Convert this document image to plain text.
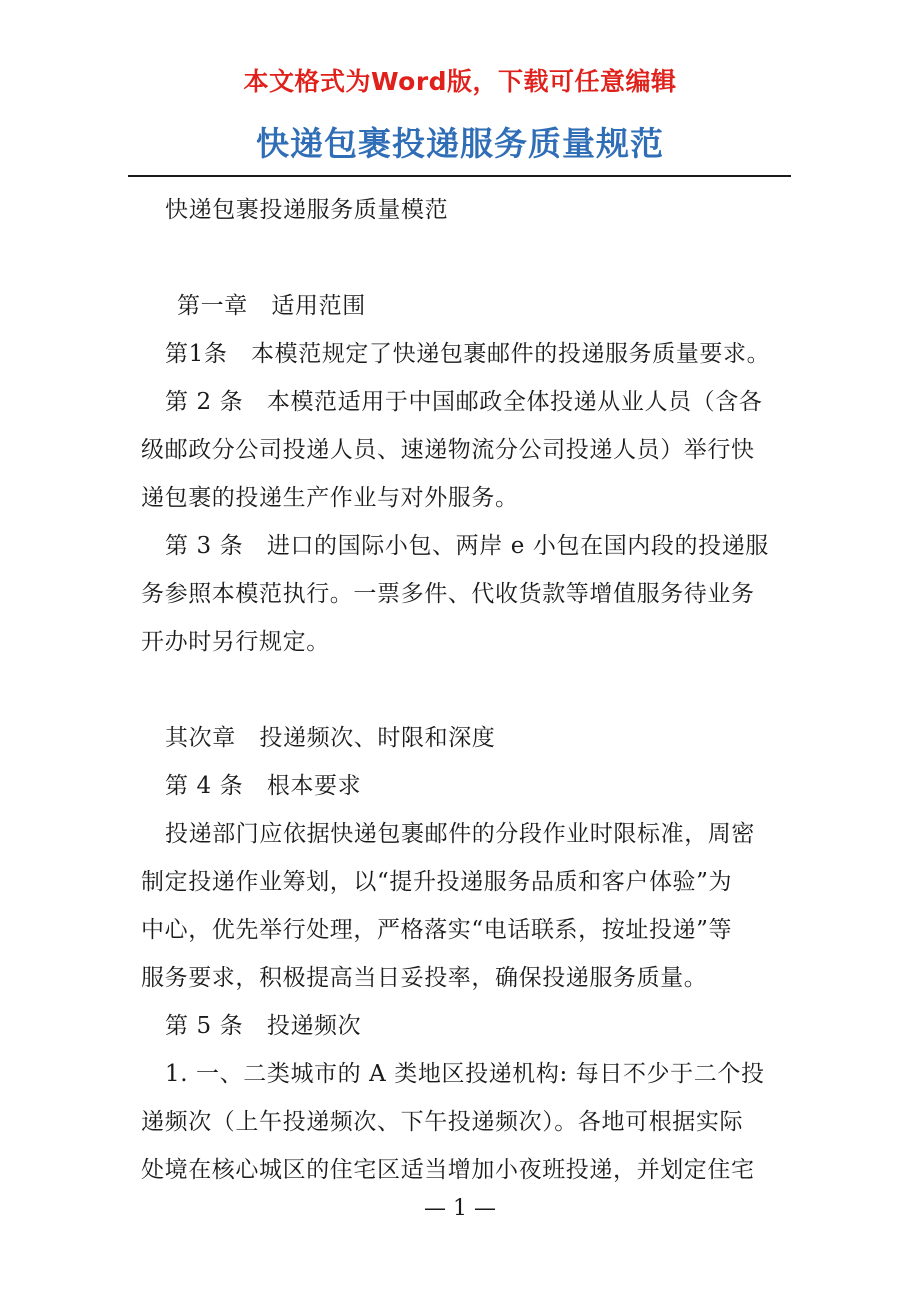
本文格式为Word版，下载可任意编辑
快递包裹投递服务质量规范
快递包裹投递服务质量模范
第一章　适用范围
第1条　本模范规定了快递包裹邮件的投递服务质量要求。
第 2 条　本模范适用于中国邮政全体投递从业人员（含各
级邮政分公司投递人员、速递物流分公司投递人员）举行快
递包裹的投递生产作业与对外服务。
第 3 条　进口的国际小包、两岸 e 小包在国内段的投递服
务参照本模范执行。一票多件、代收货款等增值服务待业务
开办时另行规定。
其次章　投递频次、时限和深度
第 4 条　根本要求
投递部门应依据快递包裹邮件的分段作业时限标准，周密
制定投递作业筹划，以“提升投递服务品质和客户体验”为
中心，优先举行处理，严格落实“电话联系，按址投递”等
服务要求，积极提高当日妥投率，确保投递服务质量。
第 5 条　投递频次
1. 一、二类城市的 A 类地区投递机构: 每日不少于二个投
递频次（上午投递频次、下午投递频次）。各地可根据实际
处境在核心城区的住宅区适当增加小夜班投递，并划定住宅
— 1 —
